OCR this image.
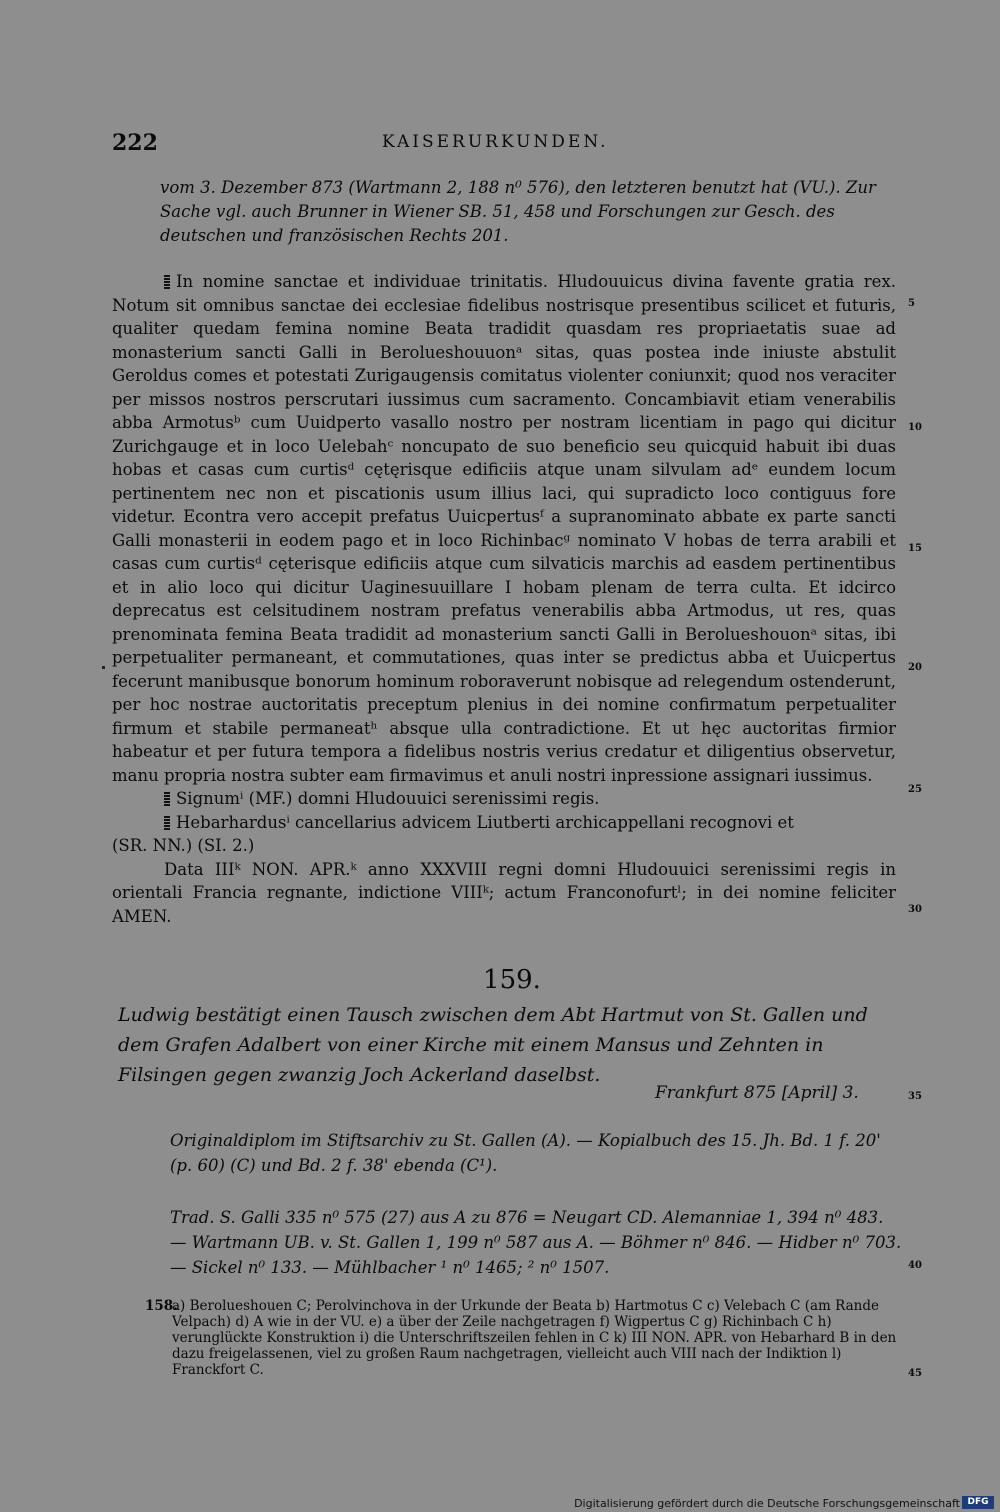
222	KAISERURKUNDEN.
vom 3. Dezember 873 (Wartmann 2, 188 n⁰ 576), den letzteren benutzt hat (VU.). Zur Sache vgl. auch Brunner in Wiener SB. 51, 458 und Forschungen zur Gesch. des deutschen und französischen Rechts 201.

In nomine sanctae et individuae trinitatis. Hludouuicus divina favente gratia rex. Notum sit omnibus sanctae dei ecclesiae fidelibus nostrisque presentibus scilicet et futuris, qualiter quedam femina nomine Beata tradidit quasdam res propriaetatis suae ad monasterium sancti Galli in Berolueshouuonᵃ sitas, quas postea inde iniuste abstulit Geroldus comes et potestati Zurigaugensis comitatus violenter coniunxit; quod nos veraciter per missos nostros perscrutari iussimus cum sacramento. Concambiavit etiam venerabilis abba Armotusᵇ cum Uuidperto vasallo nostro per nostram licentiam in pago qui dicitur Zurichgauge et in loco Uelebahᶜ noncupato de suo beneficio seu quicquid habuit ibi duas hobas et casas cum curtisᵈ cętęrisque edificiis atque unam silvulam adᵉ eundem locum pertinentem nec non et piscationis usum illius laci, qui supradicto loco contiguus fore videtur. Econtra vero accepit prefatus Uuicpertusᶠ a supranominato abbate ex parte sancti Galli monasterii in eodem pago et in loco Richinbacᵍ nominato V hobas de terra arabili et casas cum curtisᵈ cęterisque edificiis atque cum silvaticis marchis ad easdem pertinentibus et in alio loco qui dicitur Uaginesuuillare I hobam plenam de terra culta. Et idcirco deprecatus est celsitudinem nostram prefatus venerabilis abba Artmodus, ut res, quas prenominata femina Beata tradidit ad monasterium sancti Galli in Berolueshouonᵃ sitas, ibi perpetualiter permaneant, et commutationes, quas inter se predictus abba et Uuicpertus fecerunt manibusque bonorum hominum roboraverunt nobisque ad relegendum ostenderunt, per hoc nostrae auctoritatis preceptum plenius in dei nomine confirmatum perpetualiter firmum et stabile permaneatʰ absque ulla contradictione. Et ut hęc auctoritas firmior habeatur et per futura tempora a fidelibus nostris verius credatur et diligentius observetur, manu propria nostra subter eam firmavimus et anuli nostri inpressione assignari iussimus.

Signumⁱ (MF.) domni Hludouuici serenissimi regis.

Hebarhardusⁱ cancellarius advicem Liutberti archicappellani recognovi et

(SR. NN.) (SI. 2.)

Data IIIᵏ NON. APR.ᵏ anno XXXVIII regni domni Hludouuici serenissimi regis in orientali Francia regnante, indictione VIIIᵏ; actum Franconofurtˡ; in dei nomine feliciter AMEN.

5
10
15
20
25
30
35
40
45
159.
Ludwig bestätigt einen Tausch zwischen dem Abt Hartmut von St. Gallen und dem Grafen Adalbert von einer Kirche mit einem Mansus und Zehnten in Filsingen gegen zwanzig Joch Ackerland daselbst.
Frankfurt 875 [April] 3.
Originaldiplom im Stiftsarchiv zu St. Gallen (A). — Kopialbuch des 15. Jh. Bd. 1 f. 20' (p. 60) (C) und Bd. 2 f. 38' ebenda (C¹).
Trad. S. Galli 335 n⁰ 575 (27) aus A zu 876 = Neugart CD. Alemanniae 1, 394 n⁰ 483. — Wartmann UB. v. St. Gallen 1, 199 n⁰ 587 aus A. — Böhmer n⁰ 846. — Hidber n⁰ 703. — Sickel n⁰ 133. — Mühlbacher ¹ n⁰ 1465; ² n⁰ 1507.
158.
a) Berolueshouen C; Perolvinchova in der Urkunde der Beata b) Hartmotus C c) Velebach C (am Rande Velpach) d) A wie in der VU. e) a über der Zeile nachgetragen f) Wigpertus C g) Richinbach C h) verunglückte Konstruktion i) die Unterschriftszeilen fehlen in C k) III NON. APR. von Hebarhard B in den dazu freigelassenen, viel zu großen Raum nachgetragen, vielleicht auch VIII nach der Indiktion l) Franckfort C.
Digitalisierung gefördert durch die Deutsche Forschungsgemeinschaft DFG
